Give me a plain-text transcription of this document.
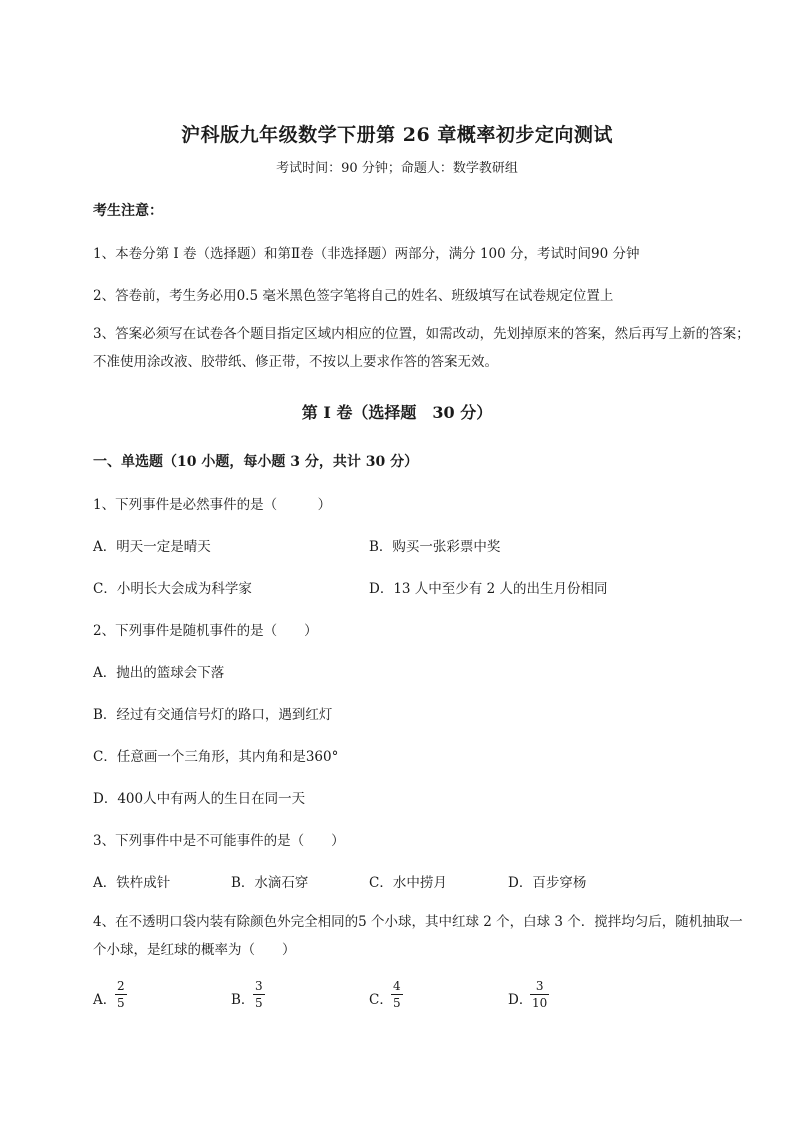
沪科版九年级数学下册第 26 章概率初步定向测试
考试时间：90 分钟；命题人：数学教研组
考生注意：
1、本卷分第 I 卷（选择题）和第Ⅱ卷（非选择题）两部分，满分 100 分，考试时间90 分钟
2、答卷前，考生务必用0.5 毫米黑色签字笔将自己的姓名、班级填写在试卷规定位置上
3、答案必须写在试卷各个题目指定区域内相应的位置，如需改动，先划掉原来的答案，然后再写上新的答案；不准使用涂改液、胶带纸、修正带，不按以上要求作答的答案无效。
第 I 卷（选择题　30 分）
一、单选题（10 小题，每小题 3 分，共计 30 分）
1、下列事件是必然事件的是（　　　）
A．明天一定是晴天	B．购买一张彩票中奖
C．小明长大会成为科学家	D．13 人中至少有 2 人的出生月份相同
2、下列事件是随机事件的是（　　）
A．抛出的篮球会下落
B．经过有交通信号灯的路口，遇到红灯
C．任意画一个三角形，其内角和是360°
D．400人中有两人的生日在同一天
3、下列事件中是不可能事件的是（　　）
A．铁杵成针	B．水滴石穿	C．水中捞月	D．百步穿杨
4、在不透明口袋内装有除颜色外完全相同的5 个小球，其中红球 2 个，白球 3 个．搅拌均匀后，随机抽取一个小球，是红球的概率为（　　）
A．
2
5	B．
3
5	C．
4
5	D．
3
10
